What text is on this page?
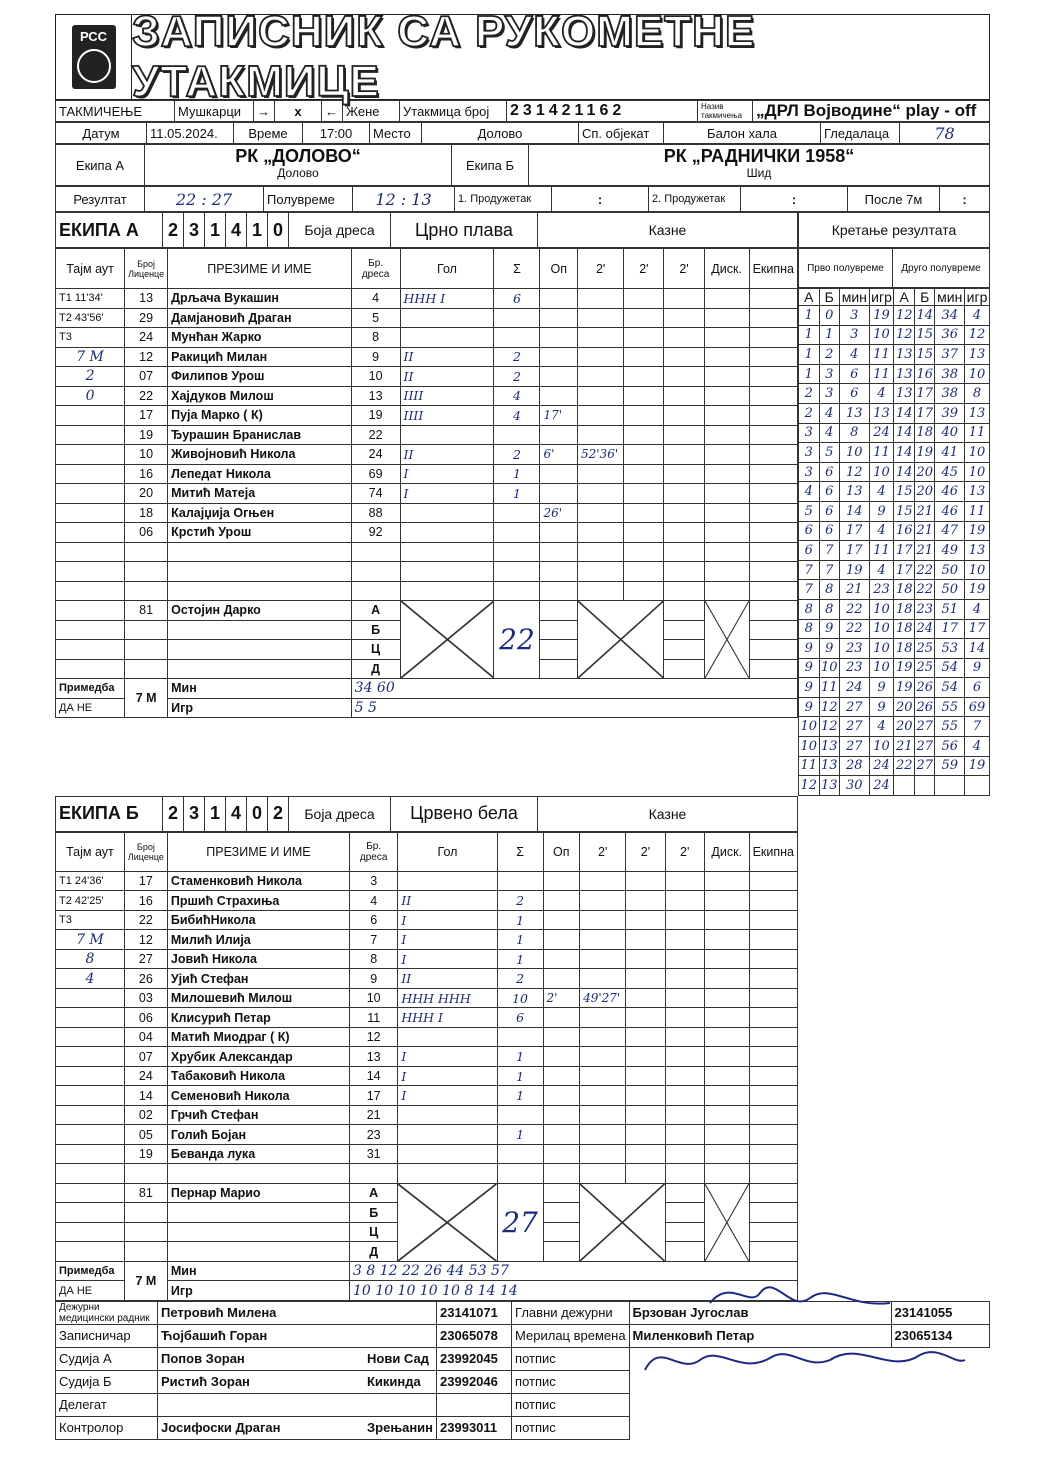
РСС ЗАПИСНИК СА РУКОМЕТНЕ УТАКМИЦЕ
ТАКМИЧЕЊЕ	Мушкарци	→	x	←	Жене	Утакмица број	231421162	Назив такмичења	„ДРЛ Војводине“ play - off
Датум	11.05.2024.	Време	17:00	Место	Долово	Сп. објекат	Балон хала	Гледалаца	78
Екипа А	РК „ДОЛОВО“
Долово
	Екипа Б	РК „РАДНИЧКИ 1958“
Шид
Резултат	22 : 27	Полувреме	12 : 13	1. Продужетак	:	2. Продужетак	:	После 7м	:
ЕКИПА А	2	3	1	4	1	0	Боја дреса	Црно плава	Казне
Тајм аут	Број Лиценце	ПРЕЗИМЕ И ИМЕ	Бр. дреса	Гол	Σ	Оп	2'	2'	2'	Диск.	Екипна
T1 11'34'	13	Дрљача Вукашин	4	HHH I	6						
T2 43'56'	29	Дамјановић Драган	5								
T3	24	Мунћан Жарко	8								
7 М	12	Ракицић Милан	9	II	2						
2	07	Филипов Урош	10	II	2						
0	22	Хајдуков Милош	13	IIII	4						
	17	Пуја Марко ( К)	19	IIII	4	17'					
	19	Ђурашин Бранислав	22								
	10	Живојновић Никола	24	II	2	6'	52'36'				
	16	Лепедат Никола	69	I	1						
	20	Митић Матеја	74	I	1						
	18	Калајџија Огњен	88			26'					
	06	Крстић Урош	92								

	81	Остојин Дарко	А		22		

			Б								
			Ц								
			Д								
Примедба	7 М	Мин	34 60								
ДА НЕ		Игр	5 5								
Кретање резултата
Прво полувреме	Друго полувреме
А	Б	мин	игр	А	Б	мин	игр
1	0	3	19	12	14	34	4
1	1	3	10	12	15	36	12
1	2	4	11	13	15	37	13
1	3	6	11	13	16	38	10
2	3	6	4	13	17	38	8
2	4	13	13	14	17	39	13
3	4	8	24	14	18	40	11
3	5	10	11	14	19	41	10
3	6	12	10	14	20	45	10
4	6	13	4	15	20	46	13
5	6	14	9	15	21	46	11
6	6	17	4	16	21	47	19
6	7	17	11	17	21	49	13
7	7	19	4	17	22	50	10
7	8	21	23	18	22	50	19
8	8	22	10	18	23	51	4
8	9	22	10	18	24	17	17
9	9	23	10	18	25	53	14
9	10	23	10	19	25	54	9
9	11	24	9	19	26	54	6
9	12	27	9	20	26	55	69
10	12	27	4	20	27	55	7
10	13	27	10	21	27	56	4
11	13	28	24	22	27	59	19
12	13	30	24				
ЕКИПА Б	2	3	1	4	0	2	Боја дреса	Црвено бела	Казне
Тајм аут	Број Лиценце	ПРЕЗИМЕ И ИМЕ	Бр. дреса	Гол	Σ	Оп	2'	2'	2'	Диск.	Екипна
T1 24'36'	17	Стаменковић Никола	3								
T2 42'25'	16	Пршић Страхиња	4	II	2						
T3	22	БибићНикола	6	I	1						
7 М	12	Милић Илија	7	I	1						
8	27	Јовић Никола	8	I	1						
4	26	Ујић Стефан	9	II	2						
	03	Милошевић Милош	10	HHH HHH	10	2'	49'27'				
	06	Клисурић Петар	11	HHH I	6						
	04	Матић Миодраг ( К)	12								
	07	Хрубик Александар	13	I	1						
	24	Табаковић Никола	14	I	1						
	14	Семеновић Никола	17	I	1						
	02	Грчић Стефан	21								
	05	Голић Бојан	23		1						
	19	Беванда лука	31								

	81	Пернар Марио	А		27		

			Б								
			Ц								
			Д								
Примедба	7 М	Мин	3 8 12 22 26 44 53 57								
ДА НЕ		Игр	10 10 10 10 10 8 14 14								
Дежурни медицински радник	Петровић Милена		23141071	Главни дежурни	Брзован Југослав	23141055
Записничар	Ћојбашић Горан		23065078	Мерилац времена	Миленковић Петар	23065134
Судија А	Попов Зоран	Нови Сад	23992045	потпис		
Судија Б	Ристић Зоран	Кикинда	23992046	потпис		
Делегат				потпис		
Контролор	Јосифоски Драган	Зрењанин	23993011	потпис		
